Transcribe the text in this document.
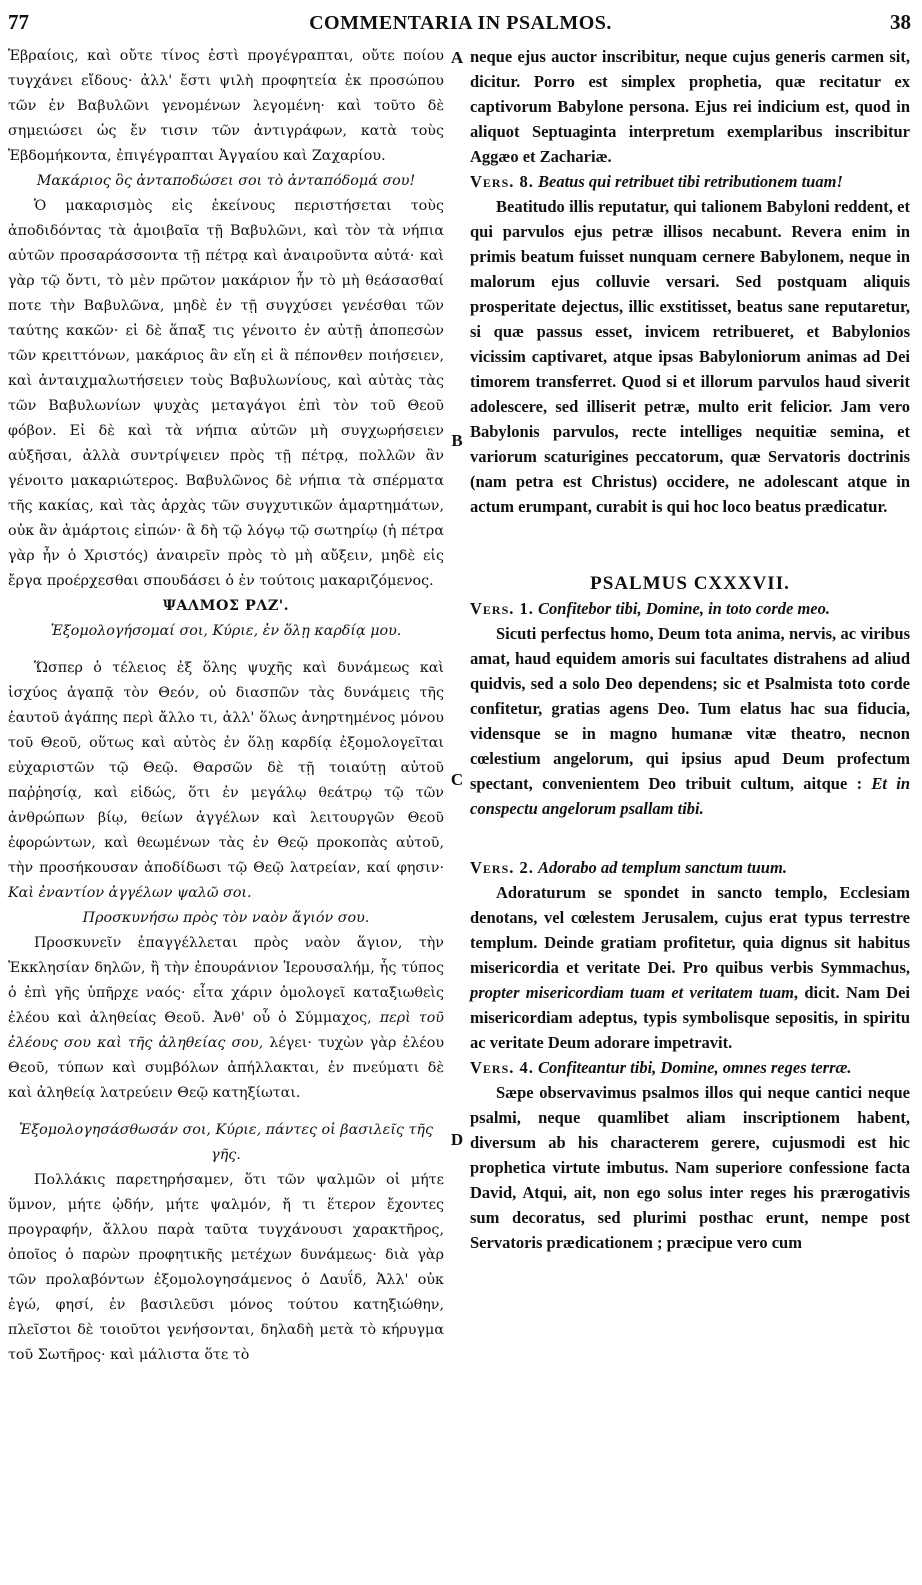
77	COMMENTARIA IN PSALMOS.	38
A
B
C
D

Ἑβραίοις, καὶ οὔτε τίνος ἐστὶ προγέγραπται, οὔτε ποίου τυγχάνει εἴδους· ἀλλ' ἔστι ψιλὴ προφητεία ἐκ προσώπου τῶν ἐν Βαβυλῶνι γενομένων λεγομένη· καὶ τοῦτο δὲ σημειώσει ὡς ἔν τισιν τῶν ἀντιγράφων, κατὰ τοὺς Ἑβδομήκοντα, ἐπιγέγραπται Ἀγγαίου καὶ Ζαχαρίου.

Μακάριος ὃς ἀνταποδώσει σοι τὸ ἀνταπόδομά σου!

Ὁ μακαρισμὸς εἰς ἐκείνους περιστήσεται τοὺς ἀποδιδόντας τὰ ἀμοιβαῖα τῇ Βαβυλῶνι, καὶ τὸν τὰ νήπια αὐτῶν προσαράσσοντα τῇ πέτρᾳ καὶ ἀναιροῦντα αὐτά· καὶ γὰρ τῷ ὄντι, τὸ μὲν πρῶτον μακάριον ἦν τὸ μὴ θεάσασθαί ποτε τὴν Βαβυλῶνα, μηδὲ ἐν τῇ συγχύσει γενέσθαι τῶν ταύτης κακῶν· εἰ δὲ ἅπαξ τις γένοιτο ἐν αὐτῇ ἀποπεσὼν τῶν κρειττόνων, μακάριος ἂν εἴη εἰ ἃ πέπονθεν ποιήσειεν, καὶ ἀνταιχμαλωτήσειεν τοὺς Βαβυλωνίους, καὶ αὐτὰς τὰς τῶν Βαβυλωνίων ψυχὰς μεταγάγοι ἐπὶ τὸν τοῦ Θεοῦ φόβον. Εἰ δὲ καὶ τὰ νήπια αὐτῶν μὴ συγχωρήσειεν αὐξῆσαι, ἀλλὰ συντρίψειεν πρὸς τῇ πέτρᾳ, πολλῶν ἂν γένοιτο μακαριώτερος. Βαβυλῶνος δὲ νήπια τὰ σπέρματα τῆς κακίας, καὶ τὰς ἀρχὰς τῶν συγχυτικῶν ἁμαρτημάτων, οὐκ ἂν ἁμάρτοις εἰπών· ἃ δὴ τῷ λόγῳ τῷ σωτηρίῳ (ἡ πέτρα γὰρ ἦν ὁ Χριστός) ἀναιρεῖν πρὸς τὸ μὴ αὔξειν, μηδὲ εἰς ἔργα προέρχεσθαι σπουδάσει ὁ ἐν τούτοις μακαριζόμενος.

ΨΑΛΜΟΣ ΡΛΖ'.

Ἐξομολογήσομαί σοι, Κύριε, ἐν ὅλῃ καρδίᾳ μου.

Ὥσπερ ὁ τέλειος ἐξ ὅλης ψυχῆς καὶ δυνάμεως καὶ ἰσχύος ἀγαπᾷ τὸν Θεόν, οὐ διασπῶν τὰς δυνάμεις τῆς ἑαυτοῦ ἀγάπης περὶ ἄλλο τι, ἀλλ' ὅλως ἀνηρτημένος μόνου τοῦ Θεοῦ, οὕτως καὶ αὐτὸς ἐν ὅλῃ καρδίᾳ ἐξομολογεῖται εὐχαριστῶν τῷ Θεῷ. Θαρσῶν δὲ τῇ τοιαύτῃ αὐτοῦ παῤῥησίᾳ, καὶ εἰδώς, ὅτι ἐν μεγάλῳ θεάτρῳ τῷ τῶν ἀνθρώπων βίῳ, θείων ἀγγέλων καὶ λειτουργῶν Θεοῦ ἐφορώντων, καὶ θεωμένων τὰς ἐν Θεῷ προκοπὰς αὐτοῦ, τὴν προσήκουσαν ἀποδίδωσι τῷ Θεῷ λατρείαν, καί φησιν· Καὶ ἐναντίον ἀγγέλων ψαλῶ σοι.

Προσκυνήσω πρὸς τὸν ναὸν ἅγιόν σου.

Προσκυνεῖν ἐπαγγέλλεται πρὸς ναὸν ἅγιον, τὴν Ἐκκλησίαν δηλῶν, ἢ τὴν ἐπουράνιον Ἱερουσαλήμ, ἧς τύπος ὁ ἐπὶ γῆς ὑπῆρχε ναός· εἶτα χάριν ὁμολογεῖ καταξιωθεὶς ἐλέου καὶ ἀληθείας Θεοῦ. Ἀνθ' οὗ ὁ Σύμμαχος, περὶ τοῦ ἐλέους σου καὶ τῆς ἀληθείας σου, λέγει· τυχὼν γὰρ ἐλέου Θεοῦ, τύπων καὶ συμβόλων ἀπήλλακται, ἐν πνεύματι δὲ καὶ ἀληθείᾳ λατρεύειν Θεῷ κατηξίωται.

Ἐξομολογησάσθωσάν σοι, Κύριε, πάντες οἱ βασιλεῖς τῆς γῆς.

Πολλάκις παρετηρήσαμεν, ὅτι τῶν ψαλμῶν οἱ μήτε ὕμνον, μήτε ᾠδήν, μήτε ψαλμόν, ἤ τι ἕτερον ἔχοντες προγραφήν, ἄλλου παρὰ ταῦτα τυγχάνουσι χαρακτῆρος, ὁποῖος ὁ παρὼν προφητικῆς μετέχων δυνάμεως· διὰ γὰρ τῶν προλαβόντων ἐξομολογησάμενος ὁ Δαυΐδ, Ἀλλ' οὐκ ἐγώ, φησί, ἐν βασιλεῦσι μόνος τούτου κατηξιώθην, πλεῖστοι δὲ τοιοῦτοι γενήσονται, δηλαδὴ μετὰ τὸ κήρυγμα τοῦ Σωτῆρος· καὶ μάλιστα ὅτε τὸ

neque ejus auctor inscribitur, neque cujus generis carmen sit, dicitur. Porro est simplex prophetia, quæ recitatur ex captivorum Babylone persona. Ejus rei indicium est, quod in aliquot Septuaginta interpretum exemplaribus inscribitur Aggæo et Zachariæ.

Vers. 8. Beatus qui retribuet tibi retributionem tuam!

Beatitudo illis reputatur, qui talionem Babyloni reddent, et qui parvulos ejus petræ illisos necabunt. Revera enim in primis beatum fuisset nunquam cernere Babylonem, neque in malorum ejus colluvie versari. Sed postquam aliquis prosperitate dejectus, illic exstitisset, beatus sane reputaretur, si quæ passus esset, invicem retribueret, et Babylonios vicissim captivaret, atque ipsas Babyloniorum animas ad Dei timorem transferret. Quod si et illorum parvulos haud siverit adolescere, sed illiserit petræ, multo erit felicior. Jam vero Babylonis parvulos, recte intelliges nequitiæ semina, et variorum scaturigines peccatorum, quæ Servatoris doctrinis (nam petra est Christus) occidere, ne adolescant atque in actum erumpant, curabit is qui hoc loco beatus prædicatur.

PSALMUS CXXXVII.

Vers. 1. Confitebor tibi, Domine, in toto corde meo.

Sicuti perfectus homo, Deum tota anima, nervis, ac viribus amat, haud equidem amoris sui facultates distrahens ad aliud quidvis, sed a solo Deo dependens; sic et Psalmista toto corde confitetur, gratias agens Deo. Tum elatus hac sua fiducia, vidensque se in magno humanæ vitæ theatro, necnon cœlestium angelorum, qui ipsius apud Deum profectum spectant, convenientem Deo tribuit cultum, aitque : Et in conspectu angelorum psallam tibi.

Vers. 2. Adorabo ad templum sanctum tuum.

Adoraturum se spondet in sancto templo, Ecclesiam denotans, vel cœlestem Jerusalem, cujus erat typus terrestre templum. Deinde gratiam profitetur, quia dignus sit habitus misericordia et veritate Dei. Pro quibus verbis Symmachus, propter misericordiam tuam et veritatem tuam, dicit. Nam Dei misericordiam adeptus, typis symbolisque sepositis, in spiritu ac veritate Deum adorare impetravit.

Vers. 4. Confiteantur tibi, Domine, omnes reges terræ.

Sæpe observavimus psalmos illos qui neque cantici neque psalmi, neque quamlibet aliam inscriptionem habent, diversum ab his characterem gerere, cujusmodi est hic prophetica virtute imbutus. Nam superiore confessione facta David, Atqui, ait, non ego solus inter reges his prærogativis sum decoratus, sed plurimi posthac erunt, nempe post Servatoris prædicationem ; præcipue vero cum
